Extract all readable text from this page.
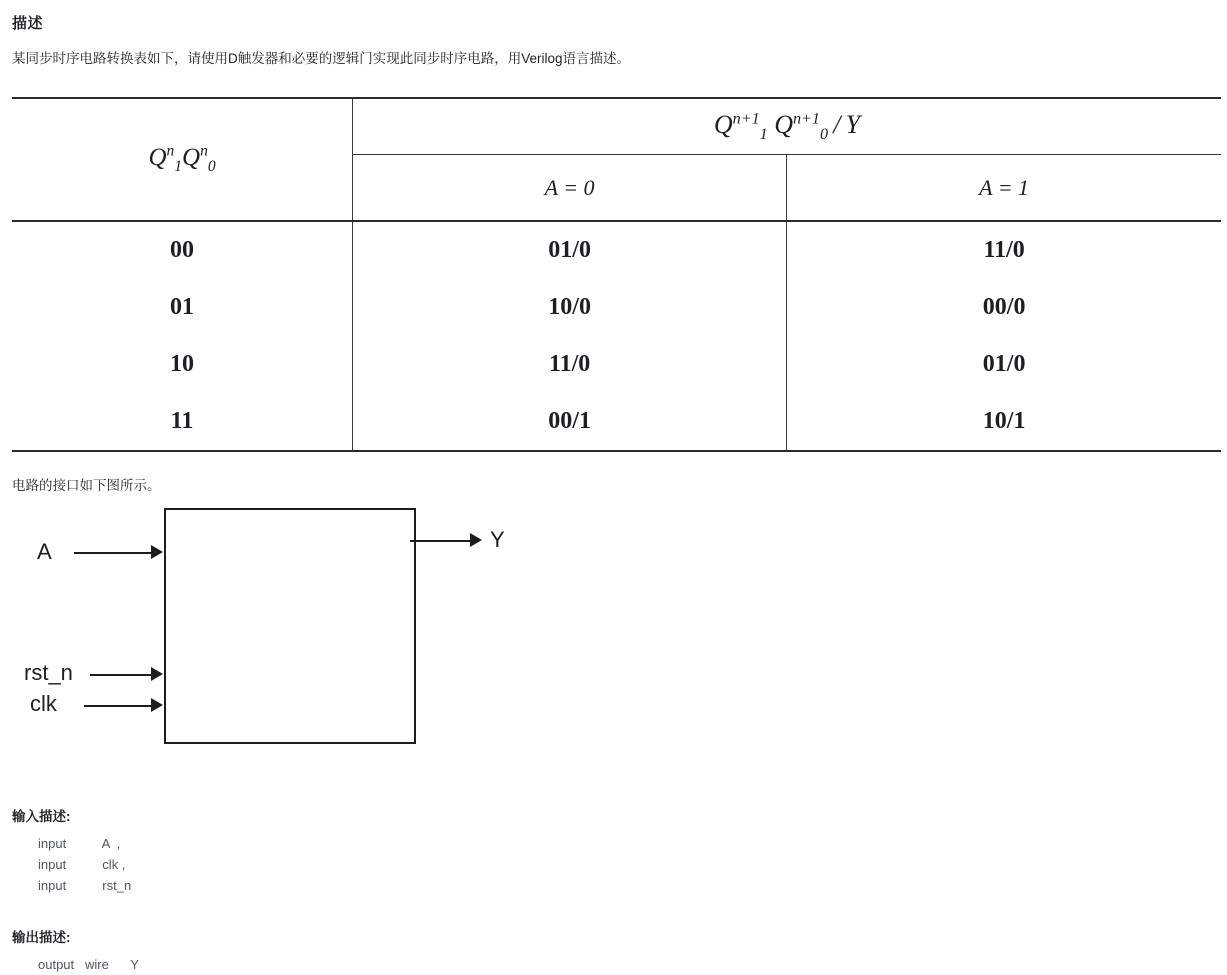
描述
某同步时序电路转换表如下，请使用D触发器和必要的逻辑门实现此同步时序电路，用Verilog语言描述。
$Q^n_1Q^n_0$	$Q^{n+1}_1$ $Q^{n+1}_0$ / Y	
	A = 0	A = 1
00	01/0	11/0
01	10/0	00/0
10	11/0	01/0
11	00/1	10/1
电路的接口如下图所示。
A
rst_n
clk
Y
输入描述:
input          A  ,
input          clk ,
input          rst_n
输出描述:
output   wire      Y
